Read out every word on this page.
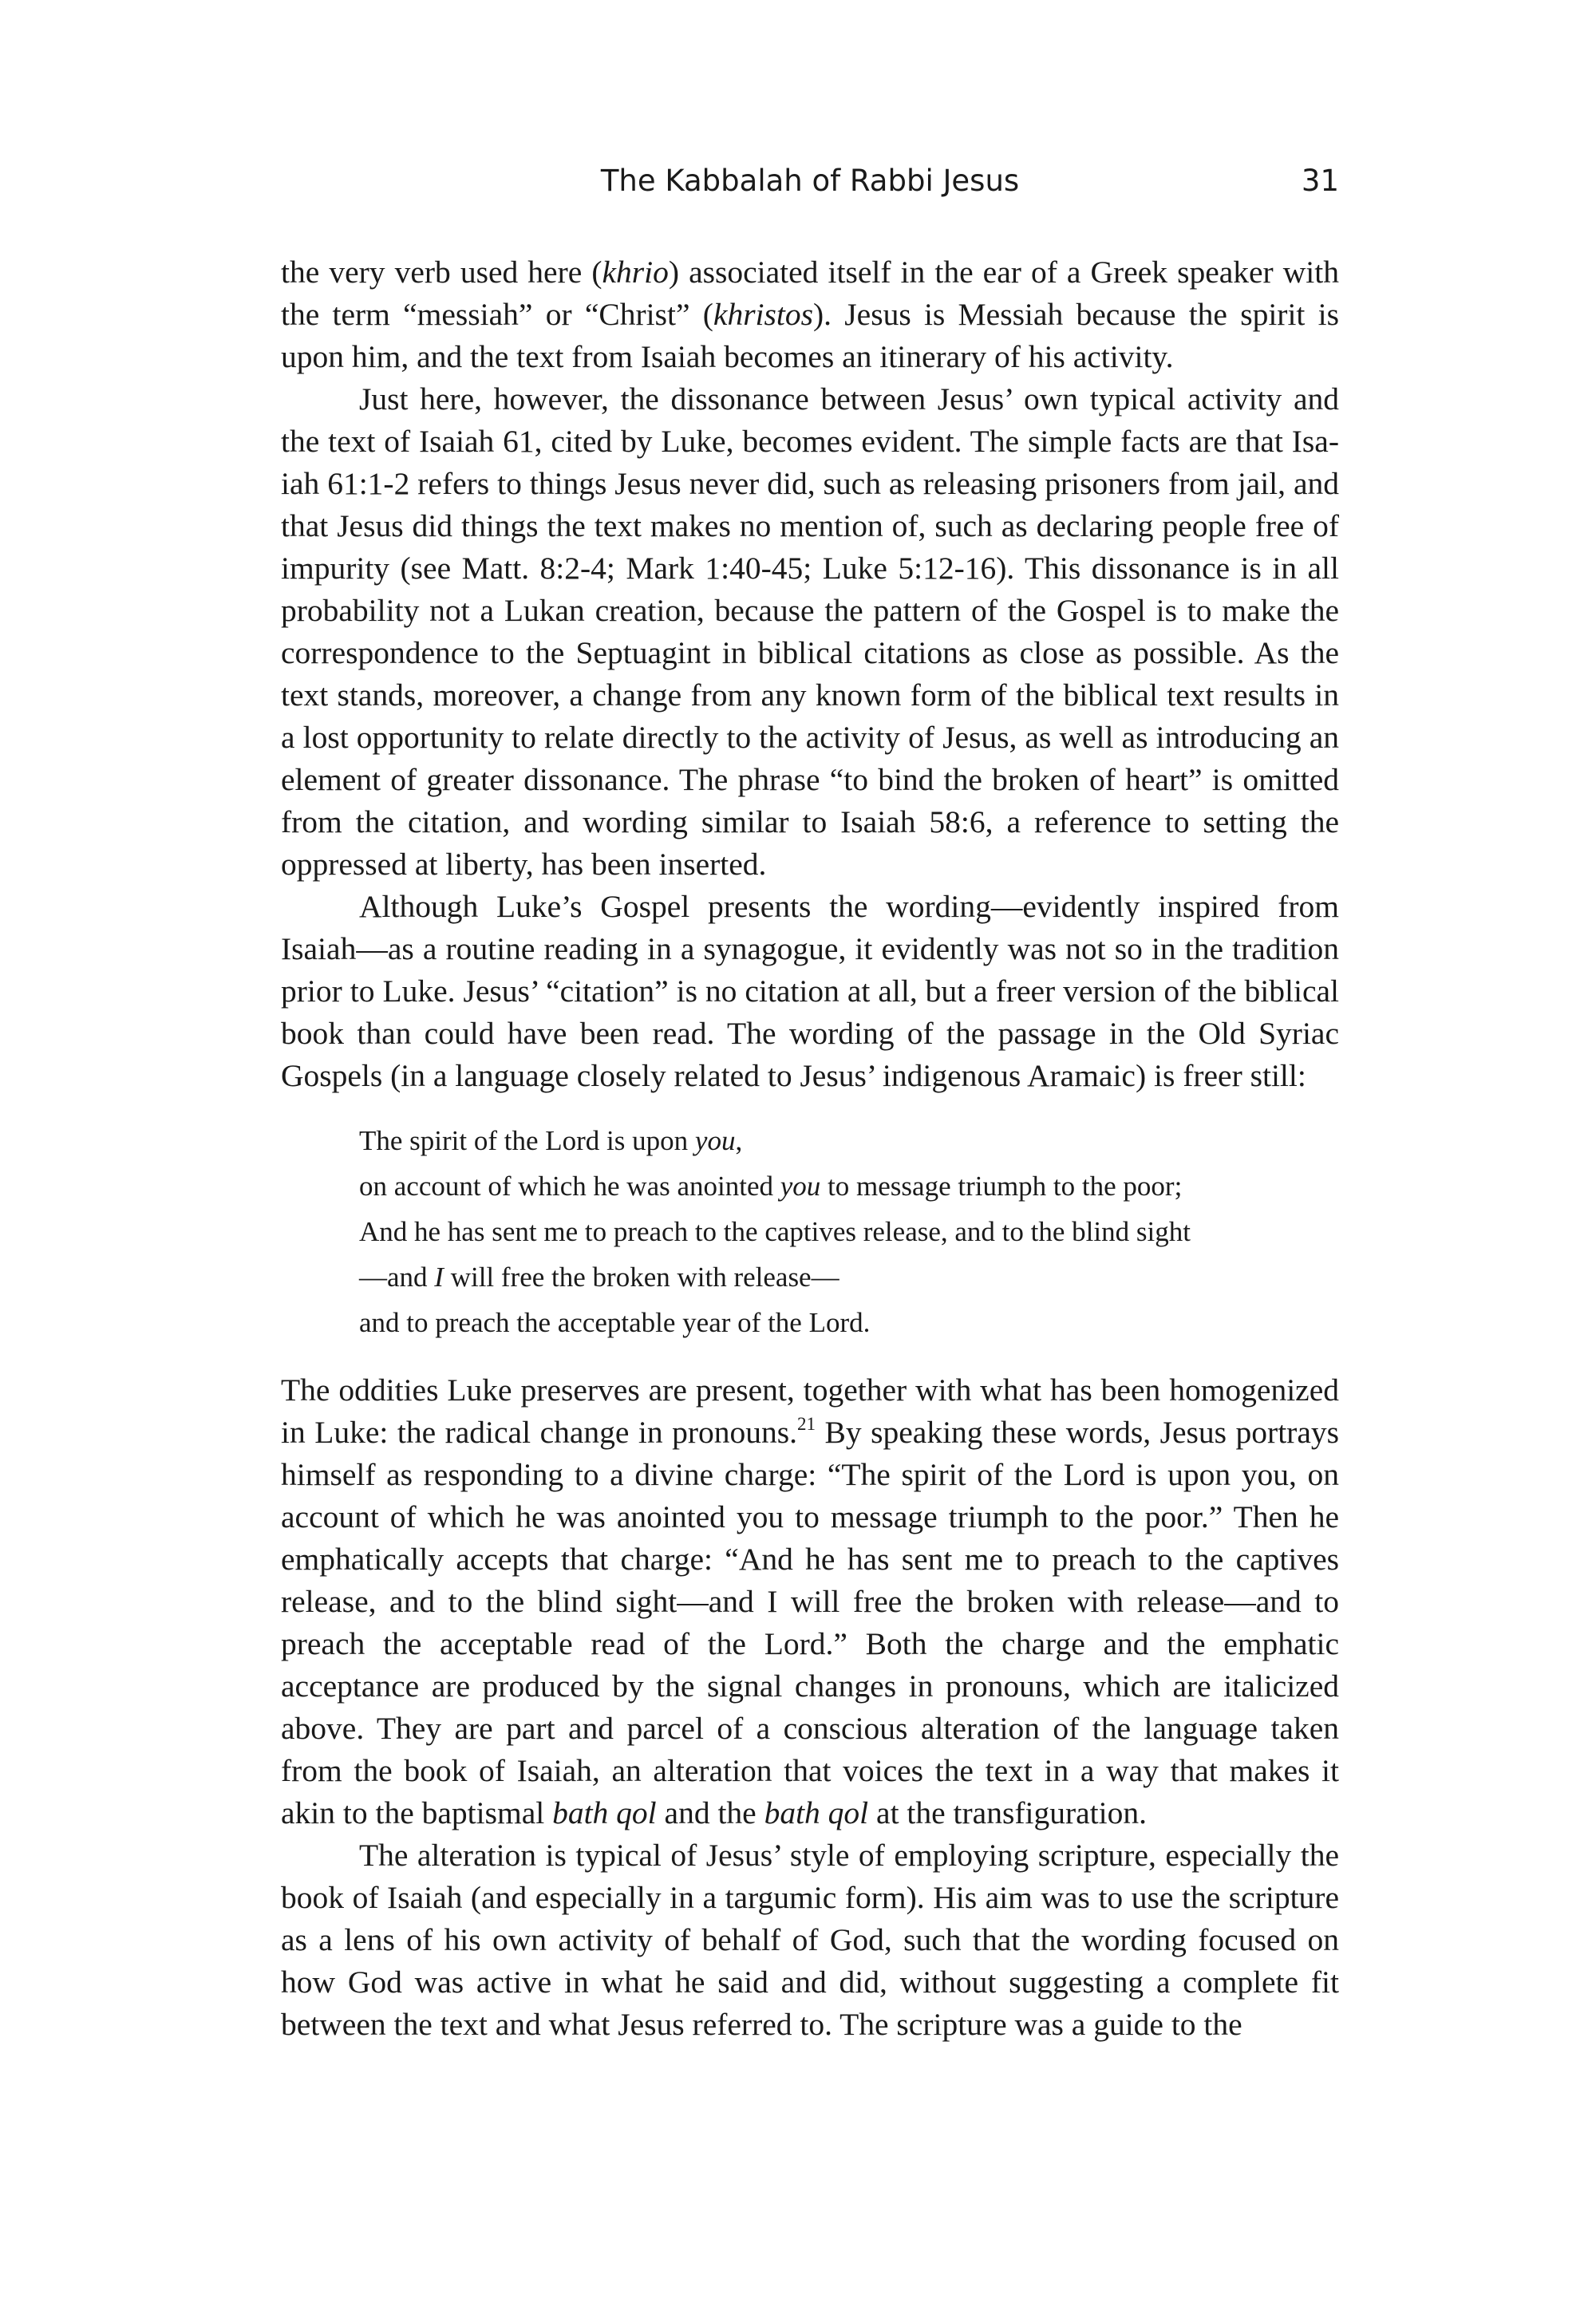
The Kabbalah of Rabbi Jesus	31

the very verb used here (khrio) associated itself in the ear of a Greek speaker with the term “messiah” or “Christ” (khristos). Jesus is Messiah because the spirit is upon him, and the text from Isaiah becomes an itinerary of his activity.

Just here, however, the dissonance between Jesus’ own typical activity and the text of Isaiah 61, cited by Luke, becomes evident. The simple facts are that Isaiah 61:1-2 refers to things Jesus never did, such as releasing prisoners from jail, and that Jesus did things the text makes no mention of, such as declaring people free of impurity (see Matt. 8:2-4; Mark 1:40-45; Luke 5:12-16). This dissonance is in all probability not a Lukan creation, because the pattern of the Gospel is to make the correspondence to the Septuagint in biblical citations as close as possible. As the text stands, moreover, a change from any known form of the biblical text results in a lost opportunity to relate directly to the activity of Jesus, as well as introducing an element of greater dissonance. The phrase “to bind the broken of heart” is omitted from the citation, and wording similar to Isaiah 58:6, a reference to setting the oppressed at liberty, has been inserted.

Although Luke’s Gospel presents the wording—evidently inspired from Isaiah—as a routine reading in a synagogue, it evidently was not so in the tradition prior to Luke. Jesus’ “citation” is no citation at all, but a freer version of the biblical book than could have been read. The wording of the passage in the Old Syriac Gospels (in a language closely related to Jesus’ indigenous Aramaic) is freer still:

The spirit of the Lord is upon you,
on account of which he was anointed you to message triumph to the poor;
And he has sent me to preach to the captives release, and to the blind sight
—and I will free the broken with release—
and to preach the acceptable year of the Lord.

The oddities Luke preserves are present, together with what has been homogenized in Luke: the radical change in pronouns.$^{21}$ By speaking these words, Jesus portrays himself as responding to a divine charge: “The spirit of the Lord is upon you, on account of which he was anointed you to message triumph to the poor.” Then he emphatically accepts that charge: “And he has sent me to preach to the captives release, and to the blind sight—and I will free the broken with release—and to preach the acceptable read of the Lord.” Both the charge and the emphatic acceptance are produced by the signal changes in pronouns, which are italicized above. They are part and parcel of a conscious alteration of the language taken from the book of Isaiah, an alteration that voices the text in a way that makes it akin to the baptismal bath qol and the bath qol at the transfiguration.

The alteration is typical of Jesus’ style of employing scripture, especially the book of Isaiah (and especially in a targumic form). His aim was to use the scripture as a lens of his own activity of behalf of God, such that the wording focused on how God was active in what he said and did, without suggesting a complete fit between the text and what Jesus referred to. The scripture was a guide to the
